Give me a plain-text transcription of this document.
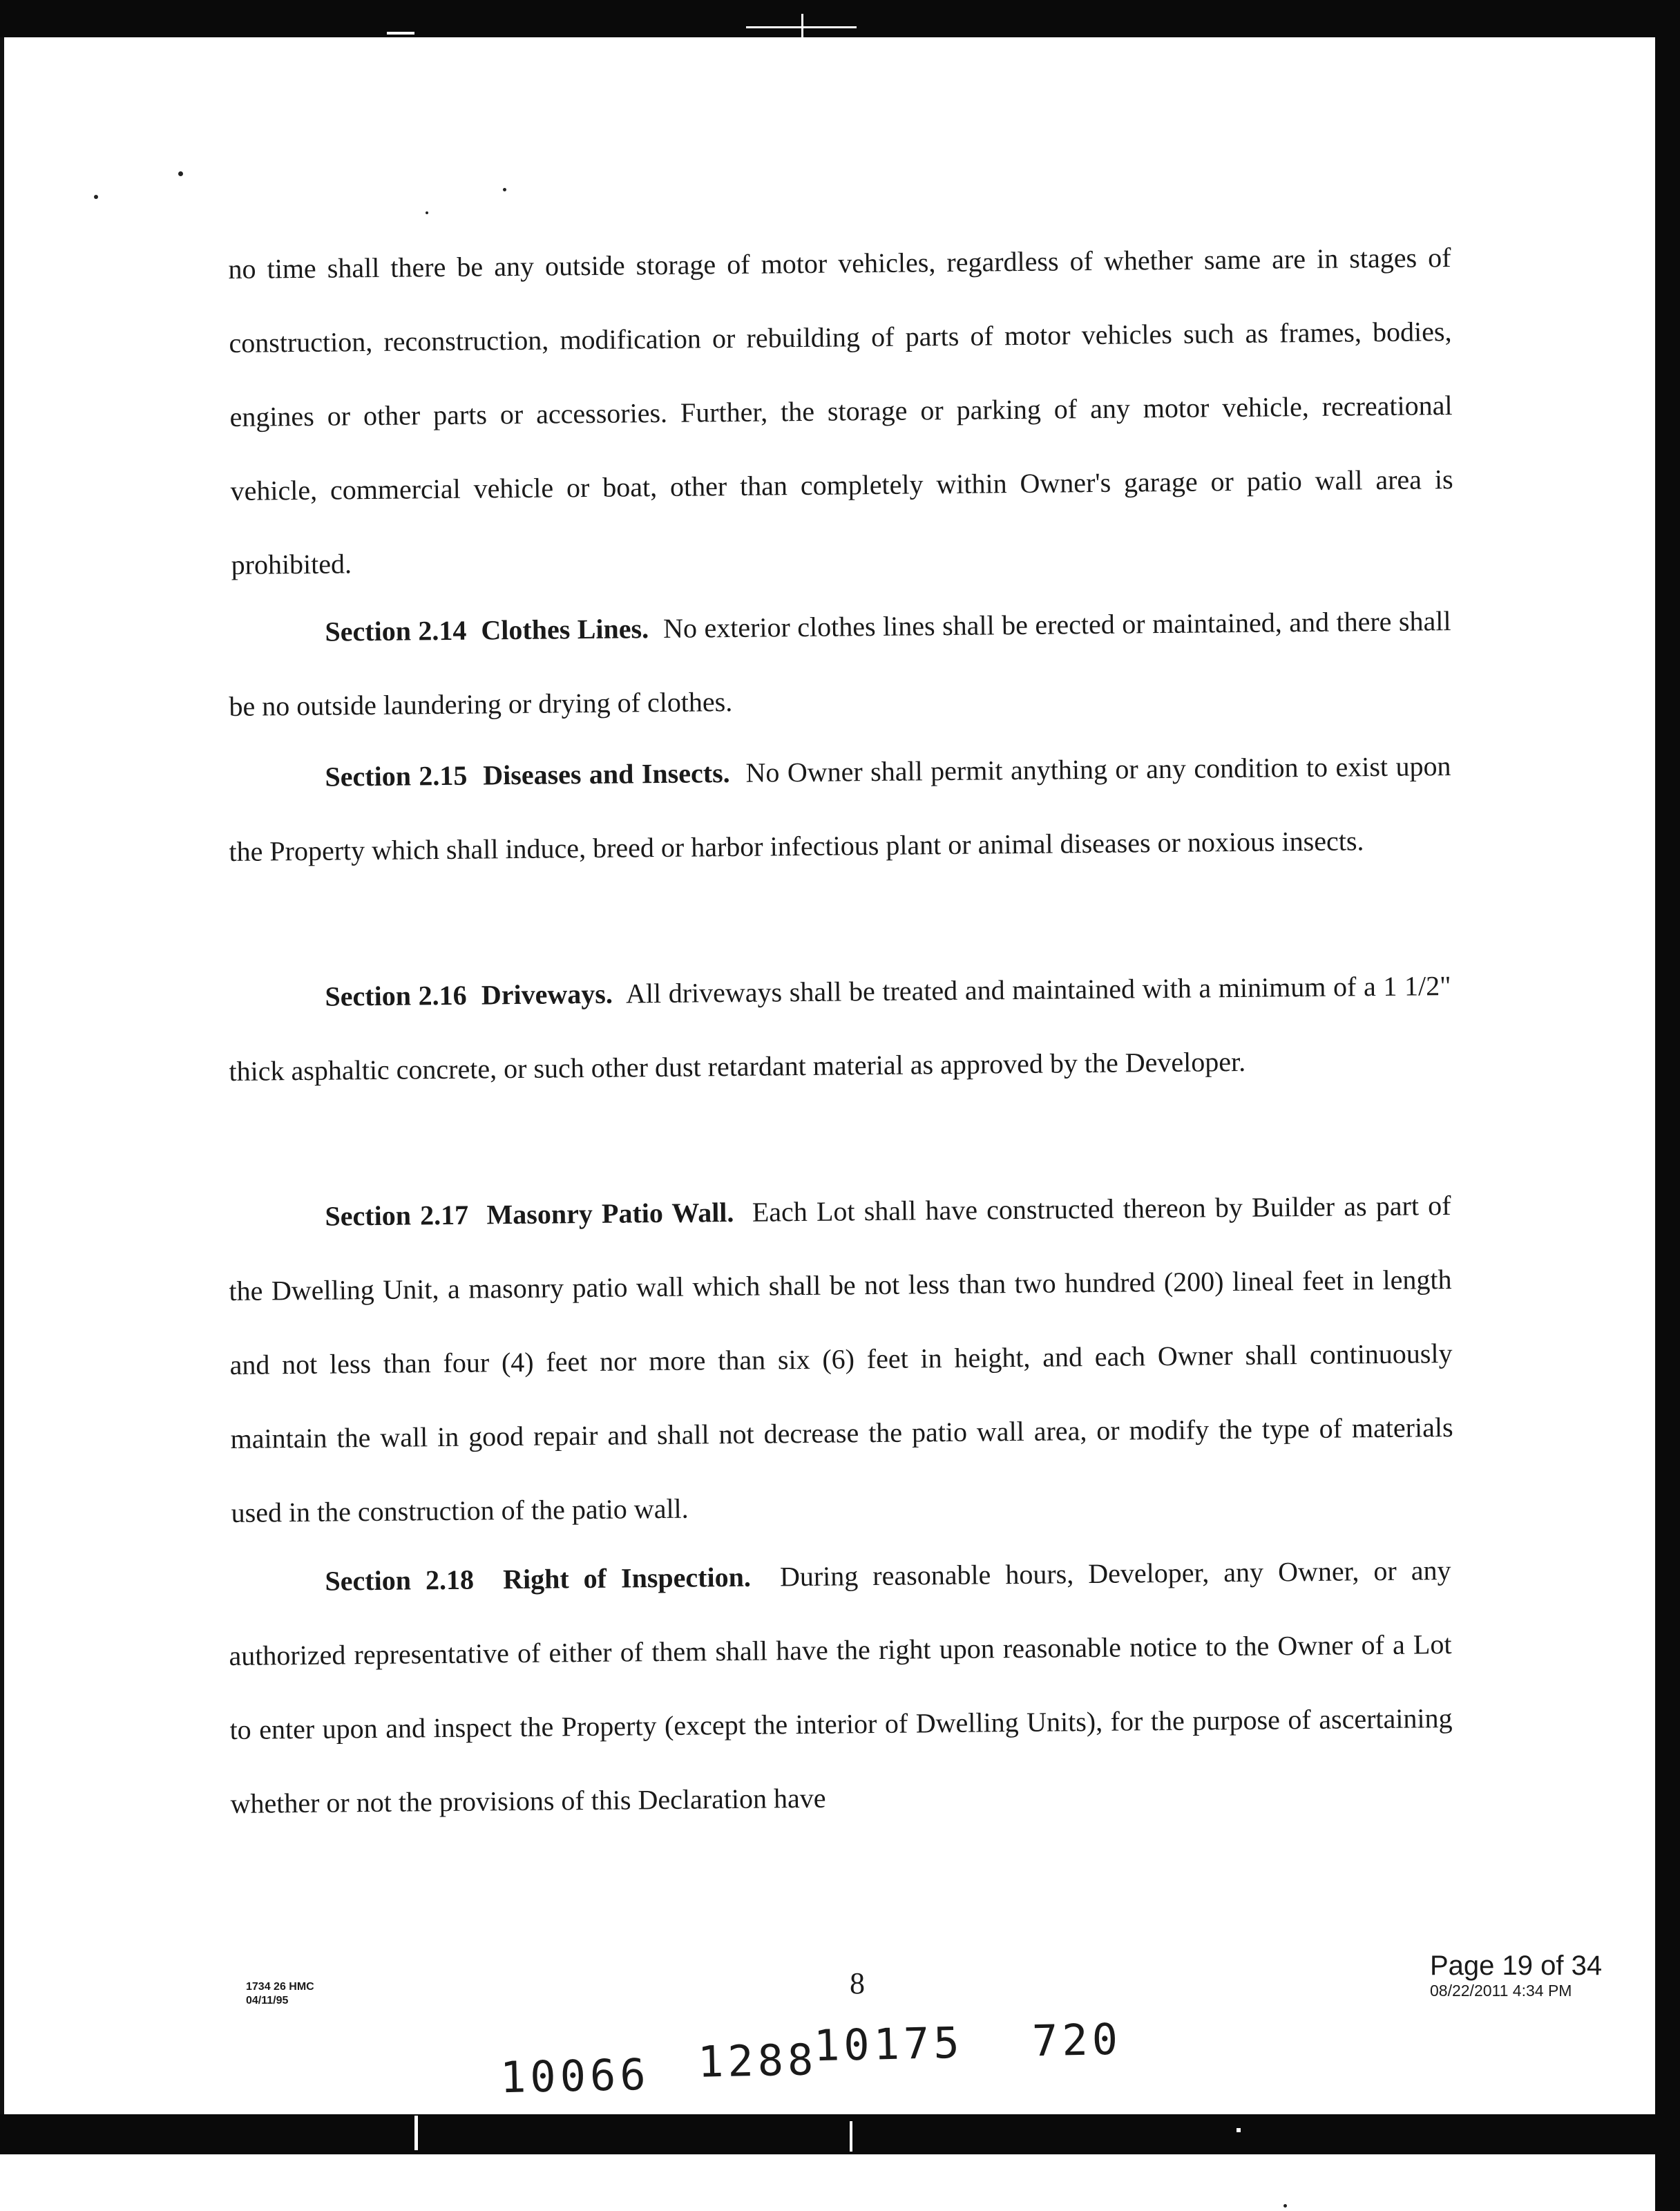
no time shall there be any outside storage of motor vehicles, regardless of whether same are in stages of construction, reconstruction, modification or rebuilding of parts of motor vehicles such as frames, bodies, engines or other parts or accessories. Further, the storage or parking of any motor vehicle, recreational vehicle, commercial vehicle or boat, other than completely within Owner's garage or patio wall area is prohibited.
Section 2.14 Clothes Lines. No exterior clothes lines shall be erected or maintained, and there shall be no outside laundering or drying of clothes.
Section 2.15 Diseases and Insects. No Owner shall permit anything or any condition to exist upon the Property which shall induce, breed or harbor infectious plant or animal diseases or noxious insects.
Section 2.16 Driveways. All driveways shall be treated and maintained with a minimum of a 1 1/2" thick asphaltic concrete, or such other dust retardant material as approved by the Developer.
Section 2.17 Masonry Patio Wall. Each Lot shall have constructed thereon by Builder as part of the Dwelling Unit, a masonry patio wall which shall be not less than two hundred (200) lineal feet in length and not less than four (4) feet nor more than six (6) feet in height, and each Owner shall continuously maintain the wall in good repair and shall not decrease the patio wall area, or modify the type of materials used in the construction of the patio wall.
Section 2.18 Right of Inspection. During reasonable hours, Developer, any Owner, or any authorized representative of either of them shall have the right upon reasonable notice to the Owner of a Lot to enter upon and inspect the Property (except the interior of Dwelling Units), for the purpose of ascertaining whether or not the provisions of this Declaration have
1734 26 HMC
04/11/95
8
Page 19 of 34
08/22/2011 4:34 PM
10066 1288
10175 720
